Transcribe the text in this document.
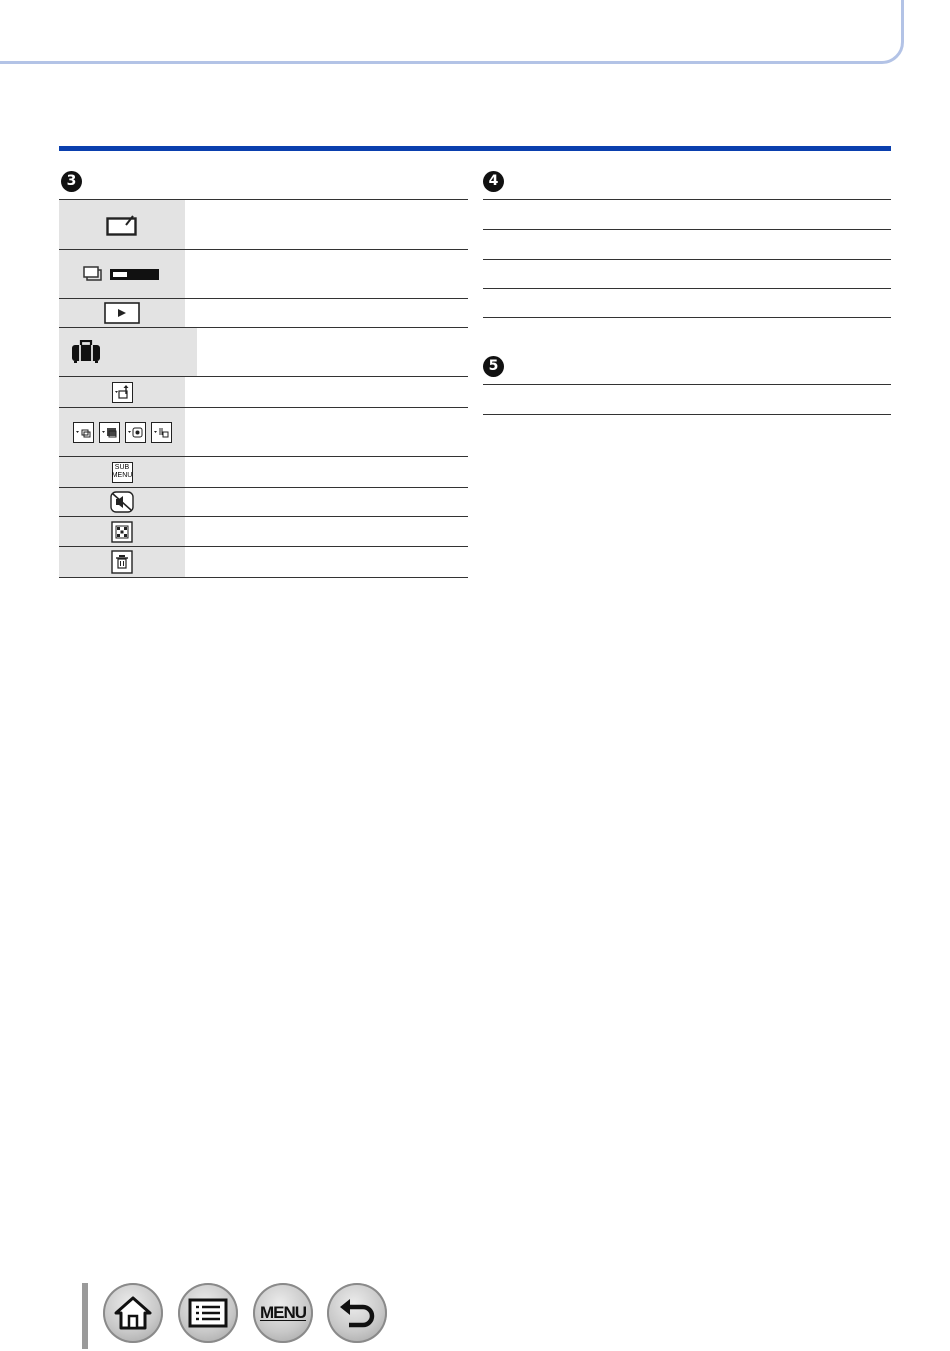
3
SUB
MENU
4
5
MENU
